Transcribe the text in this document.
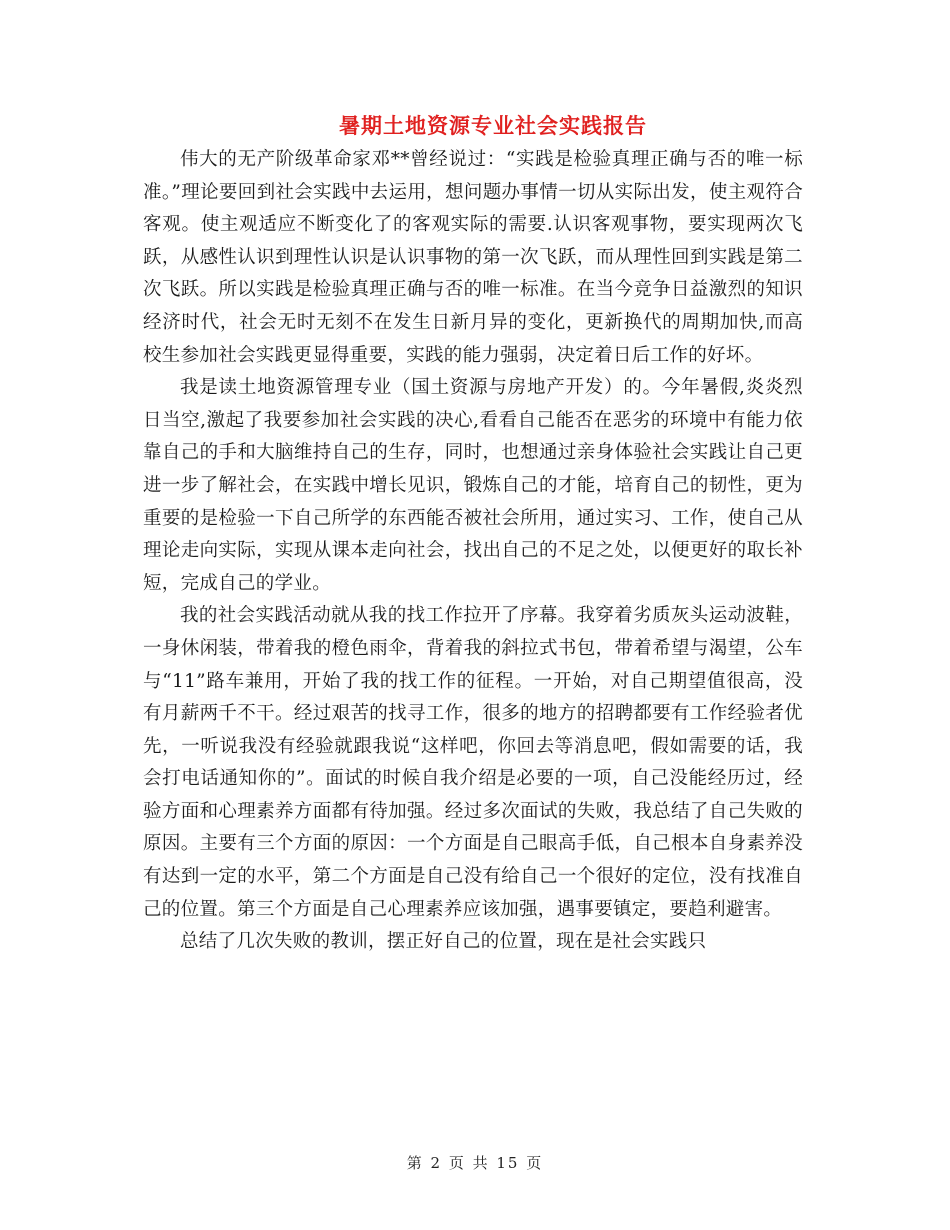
暑期土地资源专业社会实践报告

伟大的无产阶级革命家邓**曾经说过：“实践是检验真理正确与否的唯一标准。”理论要回到社会实践中去运用，想问题办事情一切从实际出发，使主观符合客观。使主观适应不断变化了的客观实际的需要.认识客观事物，要实现两次飞跃，从感性认识到理性认识是认识事物的第一次飞跃，而从理性回到实践是第二次飞跃。所以实践是检验真理正确与否的唯一标准。在当今竞争日益激烈的知识经济时代，社会无时无刻不在发生日新月异的变化，更新换代的周期加快,而高校生参加社会实践更显得重要，实践的能力强弱，决定着日后工作的好坏。

我是读土地资源管理专业（国土资源与房地产开发）的。今年暑假,炎炎烈日当空,激起了我要参加社会实践的决心,看看自己能否在恶劣的环境中有能力依靠自己的手和大脑维持自己的生存，同时，也想通过亲身体验社会实践让自己更进一步了解社会，在实践中增长见识，锻炼自己的才能，培育自己的韧性，更为重要的是检验一下自己所学的东西能否被社会所用，通过实习、工作，使自己从理论走向实际，实现从课本走向社会，找出自己的不足之处，以便更好的取长补短，完成自己的学业。

我的社会实践活动就从我的找工作拉开了序幕。我穿着劣质灰头运动波鞋，一身休闲装，带着我的橙色雨伞，背着我的斜拉式书包，带着希望与渴望，公车与“11”路车兼用，开始了我的找工作的征程。一开始，对自己期望值很高，没有月薪两千不干。经过艰苦的找寻工作，很多的地方的招聘都要有工作经验者优先，一听说我没有经验就跟我说“这样吧，你回去等消息吧，假如需要的话，我会打电话通知你的”。面试的时候自我介绍是必要的一项，自己没能经历过，经验方面和心理素养方面都有待加强。经过多次面试的失败，我总结了自己失败的原因。主要有三个方面的原因：一个方面是自己眼高手低，自己根本自身素养没有达到一定的水平，第二个方面是自己没有给自己一个很好的定位，没有找准自己的位置。第三个方面是自己心理素养应该加强，遇事要镇定，要趋利避害。

总结了几次失败的教训，摆正好自己的位置，现在是社会实践只

第 2 页 共 15 页
